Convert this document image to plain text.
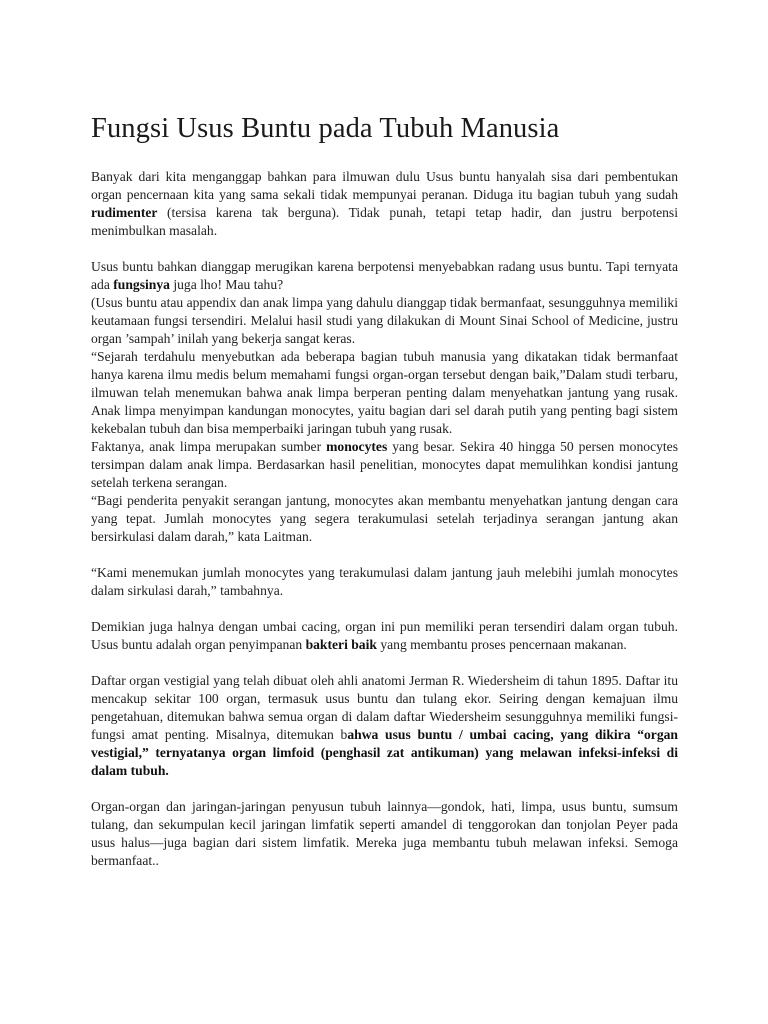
Fungsi Usus Buntu pada Tubuh Manusia

Banyak dari kita menganggap bahkan para ilmuwan dulu Usus buntu hanyalah sisa dari pembentukan organ pencernaan kita yang sama sekali tidak mempunyai peranan. Diduga itu bagian tubuh yang sudah rudimenter (tersisa karena tak berguna). Tidak punah, tetapi tetap hadir, dan justru berpotensi menimbulkan masalah.

Usus buntu bahkan dianggap merugikan karena berpotensi menyebabkan radang usus buntu. Tapi ternyata ada fungsinya juga lho! Mau tahu?

(Usus buntu atau appendix dan anak limpa yang dahulu dianggap tidak bermanfaat, sesungguhnya memiliki keutamaan fungsi tersendiri. Melalui hasil studi yang dilakukan di Mount Sinai School of Medicine, justru organ ’sampah’ inilah yang bekerja sangat keras.

“Sejarah terdahulu menyebutkan ada beberapa bagian tubuh manusia yang dikatakan tidak bermanfaat hanya karena ilmu medis belum memahami fungsi organ-organ tersebut dengan baik,”Dalam studi terbaru, ilmuwan telah menemukan bahwa anak limpa berperan penting dalam menyehatkan jantung yang rusak. Anak limpa menyimpan kandungan monocytes, yaitu bagian dari sel darah putih yang penting bagi sistem kekebalan tubuh dan bisa memperbaiki jaringan tubuh yang rusak.

Faktanya, anak limpa merupakan sumber monocytes yang besar. Sekira 40 hingga 50 persen monocytes tersimpan dalam anak limpa. Berdasarkan hasil penelitian, monocytes dapat memulihkan kondisi jantung setelah terkena serangan.

“Bagi penderita penyakit serangan jantung, monocytes akan membantu menyehatkan jantung dengan cara yang tepat. Jumlah monocytes yang segera terakumulasi setelah terjadinya serangan jantung akan bersirkulasi dalam darah,” kata Laitman.

“Kami menemukan jumlah monocytes yang terakumulasi dalam jantung jauh melebihi jumlah monocytes dalam sirkulasi darah,” tambahnya.

Demikian juga halnya dengan umbai cacing, organ ini pun memiliki peran tersendiri dalam organ tubuh. Usus buntu adalah organ penyimpanan bakteri baik yang membantu proses pencernaan makanan.

Daftar organ vestigial yang telah dibuat oleh ahli anatomi Jerman R. Wiedersheim di tahun 1895. Daftar itu mencakup sekitar 100 organ, termasuk usus buntu dan tulang ekor. Seiring dengan kemajuan ilmu pengetahuan, ditemukan bahwa semua organ di dalam daftar Wiedersheim sesungguhnya memiliki fungsi-fungsi amat penting. Misalnya, ditemukan bahwa usus buntu / umbai cacing, yang dikira “organ vestigial,” ternyatanya organ limfoid (penghasil zat antikuman) yang melawan infeksi-infeksi di dalam tubuh.

Organ-organ dan jaringan-jaringan penyusun tubuh lainnya—gondok, hati, limpa, usus buntu, sumsum tulang, dan sekumpulan kecil jaringan limfatik seperti amandel di tenggorokan dan tonjolan Peyer pada usus halus—juga bagian dari sistem limfatik. Mereka juga membantu tubuh melawan infeksi. Semoga bermanfaat..
